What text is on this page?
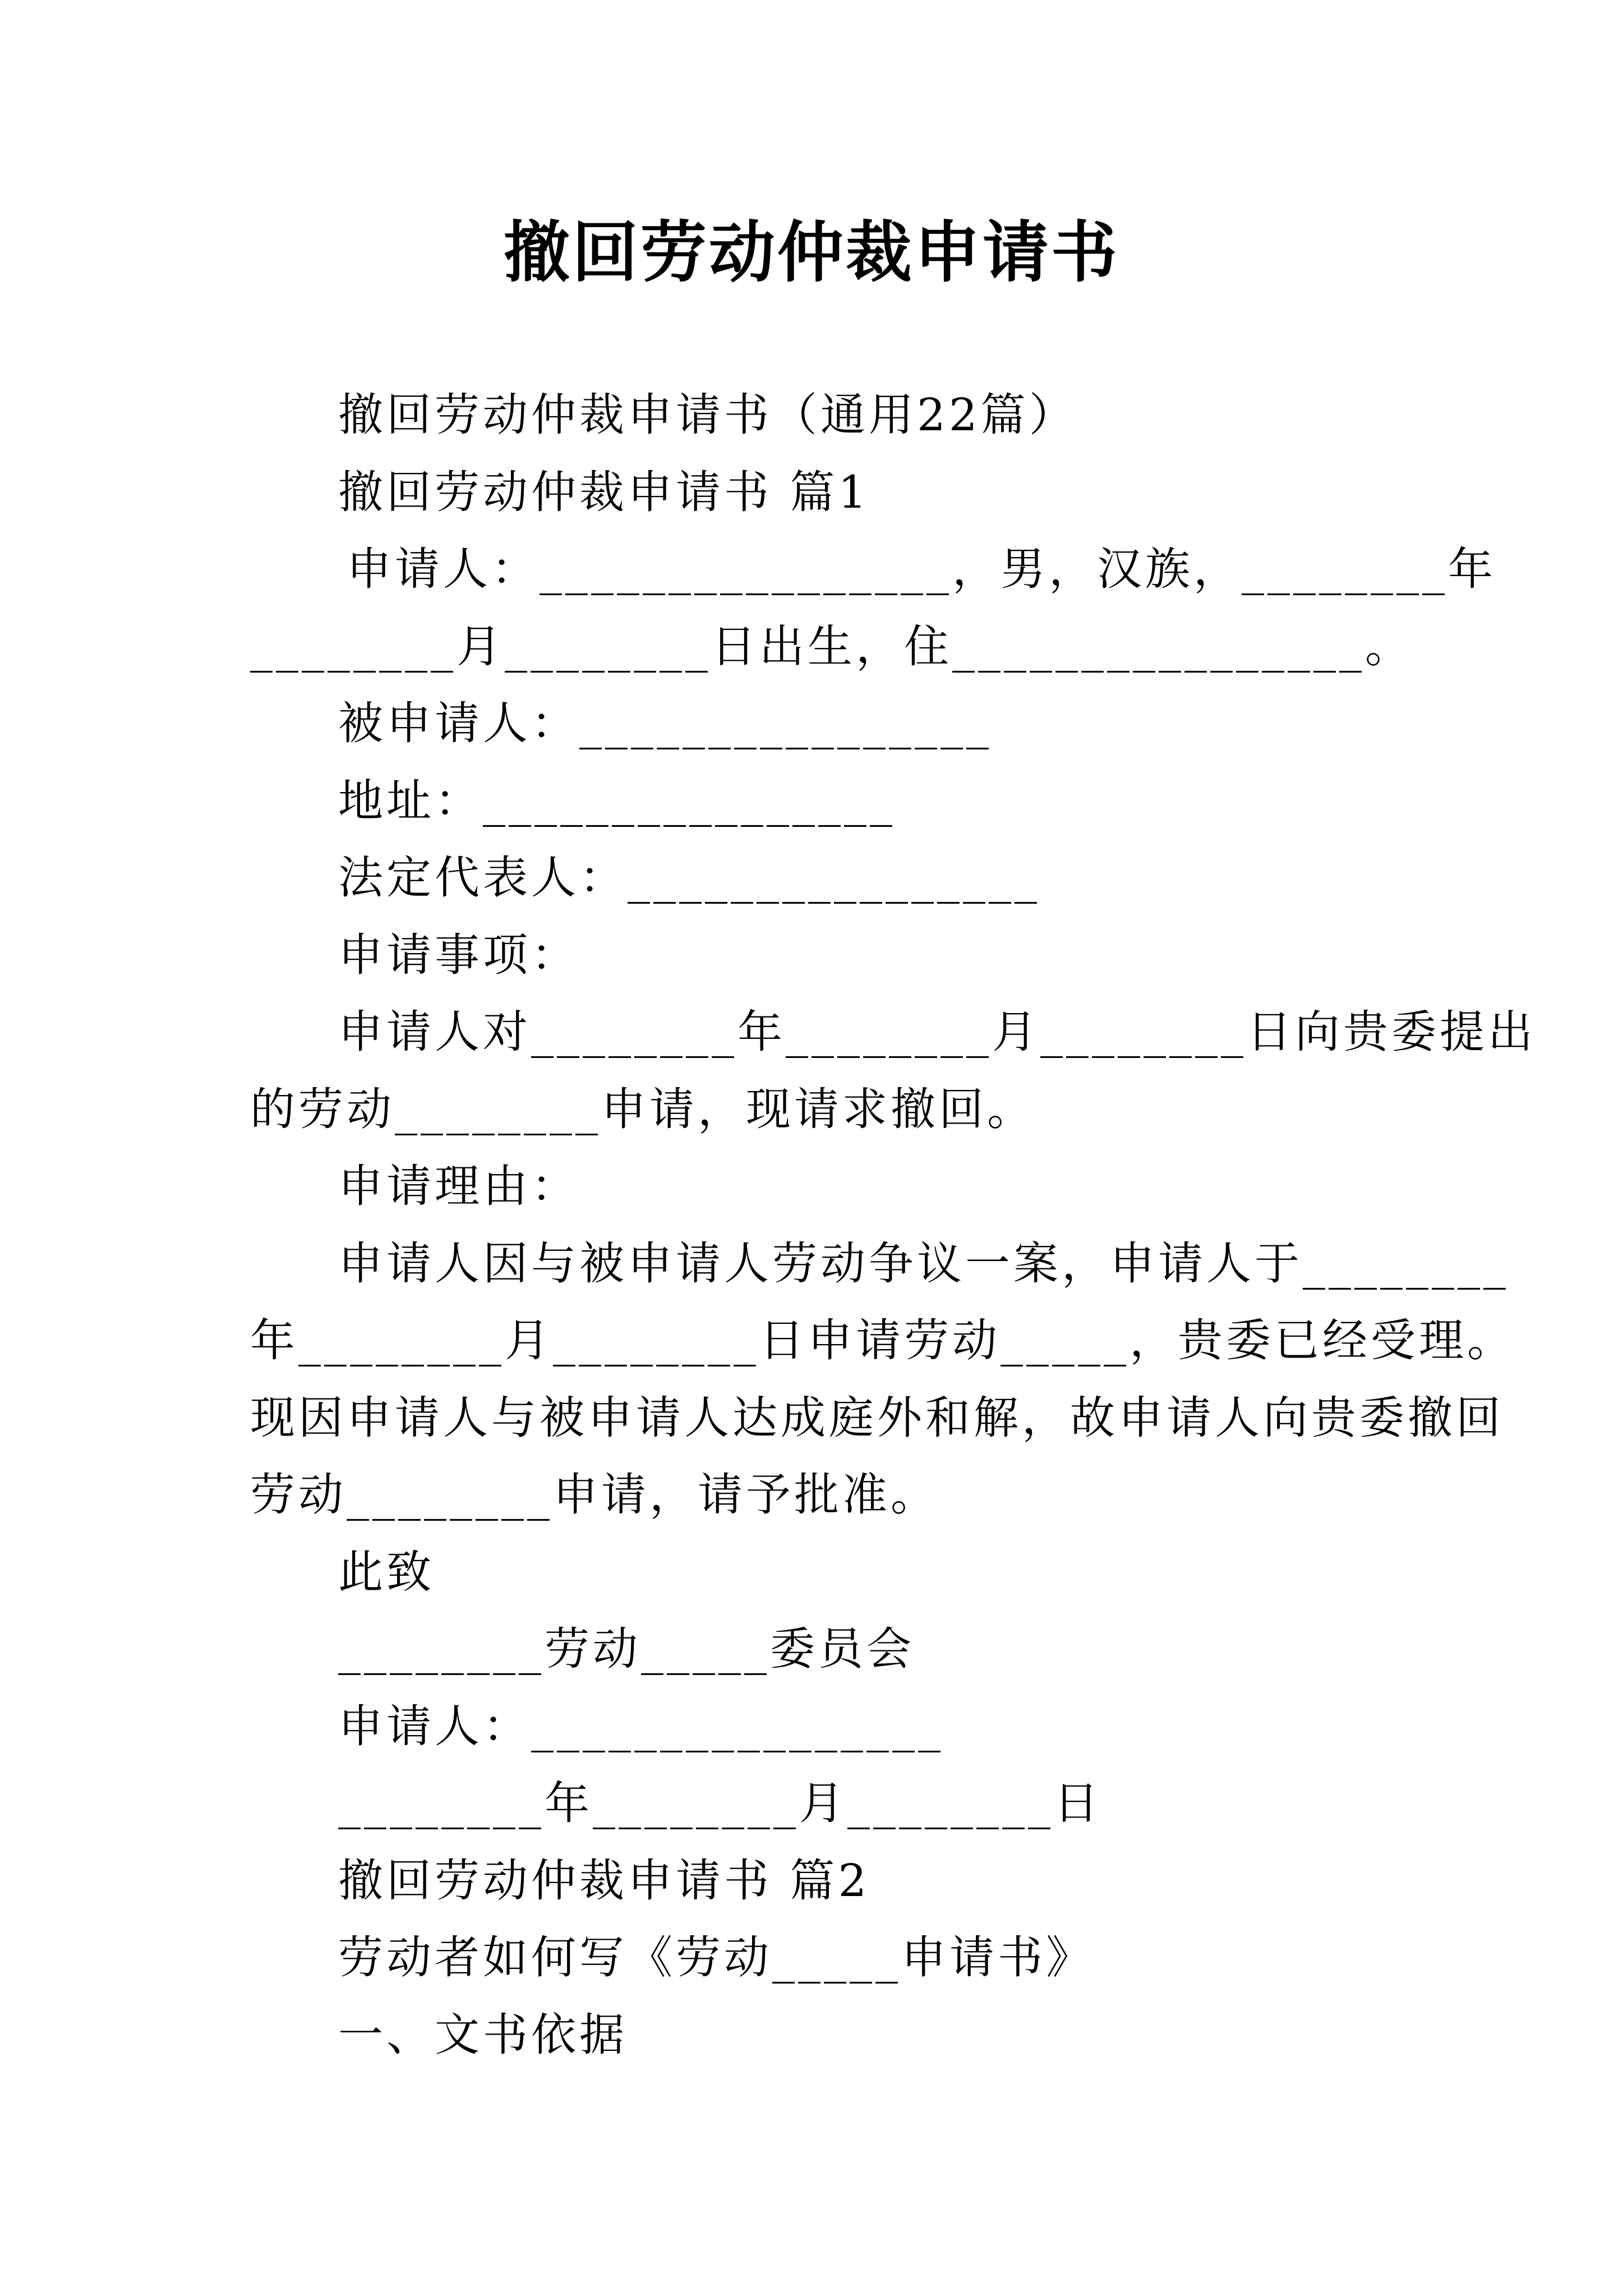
撤回劳动仲裁申请书
撤回劳动仲裁申请书（通用22篇）
撤回劳动仲裁申请书 篇1
申请人：________________，男，汉族，________年
________月________日出生，住________________。
被申请人：________________
地址：________________
法定代表人：________________
申请事项：
申请人对________年________月________日向贵委提出
的劳动________申请，现请求撤回。
申请理由：
申请人因与被申请人劳动争议一案，申请人于________
年________月________日申请劳动_____，贵委已经受理。
现因申请人与被申请人达成庭外和解，故申请人向贵委撤回
劳动________申请，请予批准。
此致
________劳动_____委员会
申请人：________________
________年________月________日
撤回劳动仲裁申请书 篇2
劳动者如何写《劳动_____申请书》
一、文书依据
